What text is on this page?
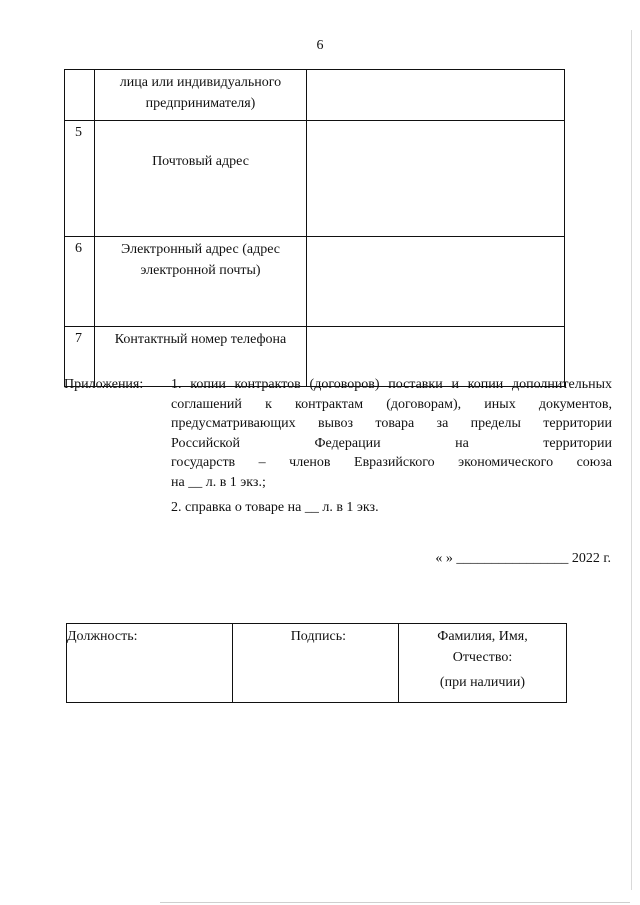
6
	лица или индивидуального предпринимателя)	
5	Почтовый адрес	
6	Электронный адрес (адрес электронной почты)	
7	Контактный номер телефона	
Приложения: 1. копии контрактов (договоров) поставки и копии дополнительных
соглашений к контрактам (договорам), иных документов,
предусматривающих вывоз товара за пределы территории
Российской Федерации на территории
государств – членов Евразийского экономического союза
на __ л. в 1 экз.;
2. справка о товаре на __ л. в 1 экз.
« » ________________ 2022 г.
Должность:	Подпись:	Фамилия, Имя,
Отчество:
(при наличии)
